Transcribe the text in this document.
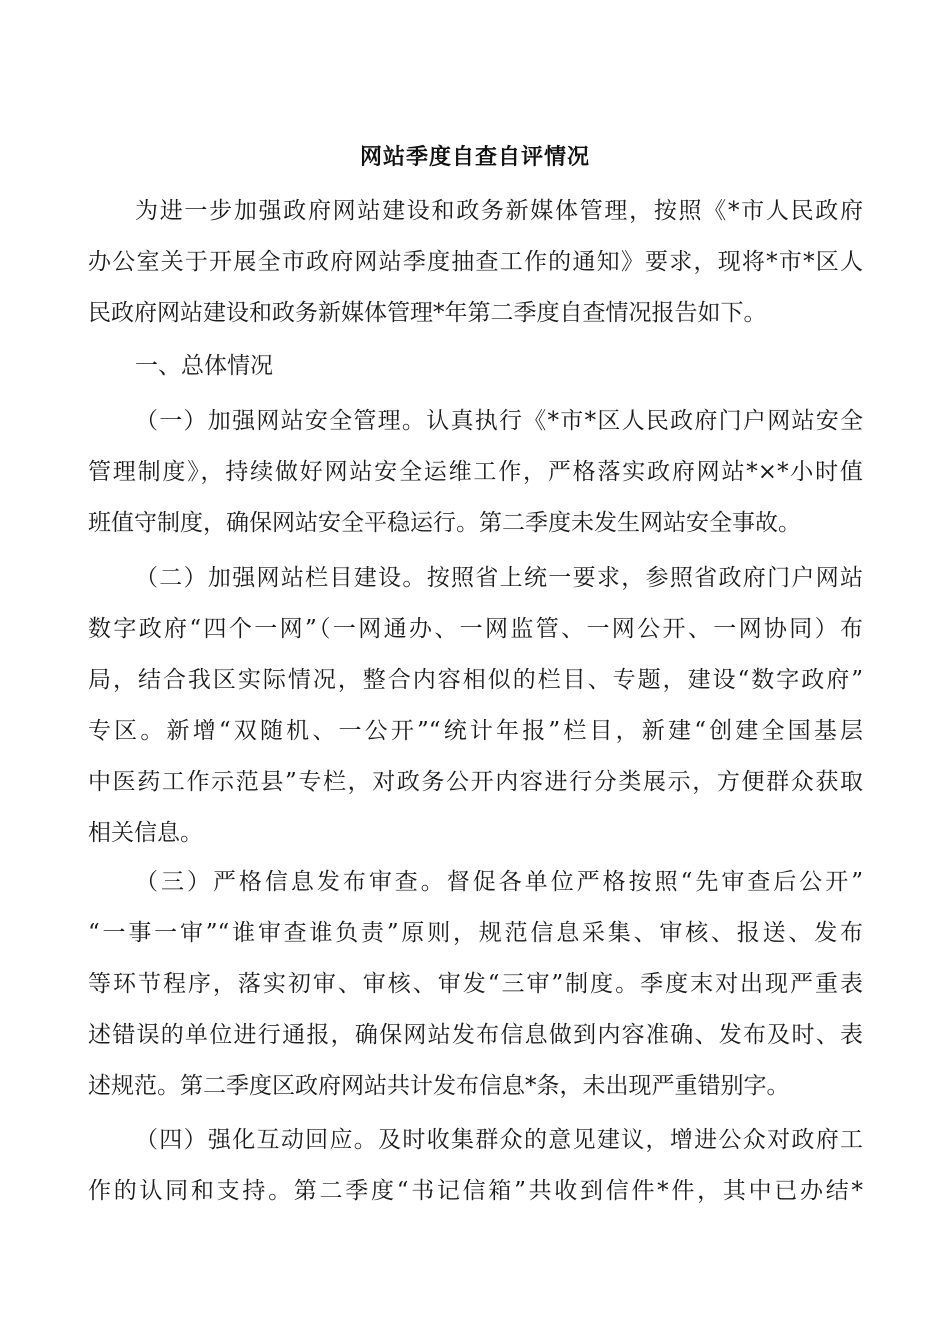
网站季度自查自评情况

为进一步加强政府网站建设和政务新媒体管理，按照《*市人民政府

办公室关于开展全市政府网站季度抽查工作的通知》要求，现将*市*区人

民政府网站建设和政务新媒体管理*年第二季度自查情况报告如下。

一、总体情况

（一）加强网站安全管理。认真执行《*市*区人民政府门户网站安全

管理制度》，持续做好网站安全运维工作，严格落实政府网站*×*小时值

班值守制度，确保网站安全平稳运行。第二季度未发生网站安全事故。

（二）加强网站栏目建设。按照省上统一要求，参照省政府门户网站

数字政府“四个一网”（一网通办、一网监管、一网公开、一网协同）布

局，结合我区实际情况，整合内容相似的栏目、专题，建设“数字政府”

专区。新增“双随机、一公开”“统计年报”栏目，新建“创建全国基层

中医药工作示范县”专栏，对政务公开内容进行分类展示，方便群众获取

相关信息。

（三）严格信息发布审查。督促各单位严格按照“先审查后公开”

“一事一审”“谁审查谁负责”原则，规范信息采集、审核、报送、发布

等环节程序，落实初审、审核、审发“三审”制度。季度末对出现严重表

述错误的单位进行通报，确保网站发布信息做到内容准确、发布及时、表

述规范。第二季度区政府网站共计发布信息*条，未出现严重错别字。

（四）强化互动回应。及时收集群众的意见建议，增进公众对政府工

作的认同和支持。第二季度“书记信箱”共收到信件*件，其中已办结*
